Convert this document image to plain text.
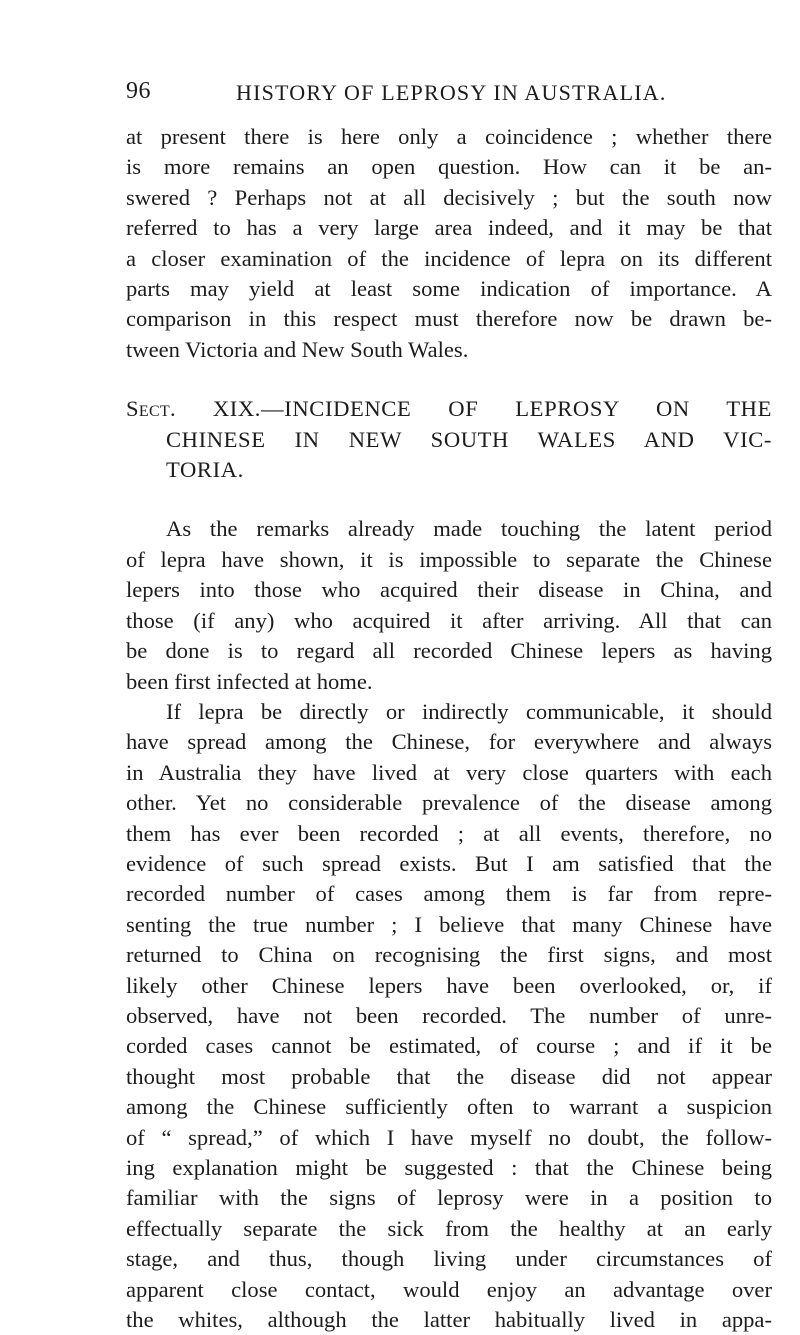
96	HISTORY OF LEPROSY IN AUSTRALIA.
at present there is here only a coincidence ; whether there
is more remains an open question. How can it be an-
swered ? Perhaps not at all decisively ; but the south now
referred to has a very large area indeed, and it may be that
a closer examination of the incidence of lepra on its different
parts may yield at least some indication of importance. A
comparison in this respect must therefore now be drawn be-
tween Victoria and New South Wales.
Sect. XIX.—INCIDENCE OF LEPROSY ON THE
CHINESE IN NEW SOUTH WALES AND VIC-
TORIA.
As the remarks already made touching the latent period
of lepra have shown, it is impossible to separate the Chinese
lepers into those who acquired their disease in China, and
those (if any) who acquired it after arriving. All that can
be done is to regard all recorded Chinese lepers as having
been first infected at home.
If lepra be directly or indirectly communicable, it should
have spread among the Chinese, for everywhere and always
in Australia they have lived at very close quarters with each
other. Yet no considerable prevalence of the disease among
them has ever been recorded ; at all events, therefore, no
evidence of such spread exists. But I am satisfied that the
recorded number of cases among them is far from repre-
senting the true number ; I believe that many Chinese have
returned to China on recognising the first signs, and most
likely other Chinese lepers have been overlooked, or, if
observed, have not been recorded. The number of unre-
corded cases cannot be estimated, of course ; and if it be
thought most probable that the disease did not appear
among the Chinese sufficiently often to warrant a suspicion
of “ spread,” of which I have myself no doubt, the follow-
ing explanation might be suggested : that the Chinese being
familiar with the signs of leprosy were in a position to
effectually separate the sick from the healthy at an early
stage, and thus, though living under circumstances of
apparent close contact, would enjoy an advantage over
the whites, although the latter habitually lived in appa-
